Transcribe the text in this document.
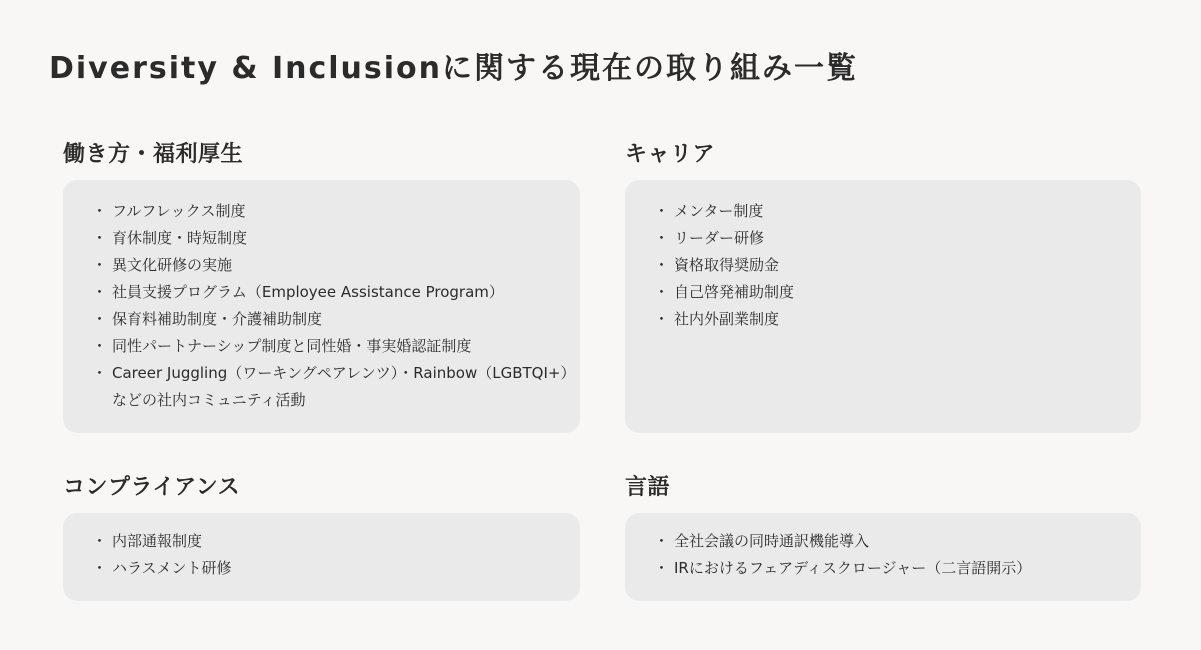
Diversity & Inclusionに関する現在の取り組み一覧
働き方・福利厚生
・ フルフレックス制度
・ 育休制度・時短制度
・ 異文化研修の実施
・ 社員支援プログラム（Employee Assistance Program）
・ 保育料補助制度・介護補助制度
・ 同性パートナーシップ制度と同性婚・事実婚認証制度
・ Career Juggling（ワーキングペアレンツ）・Rainbow（LGBTQI+）
などの社内コミュニティ活動
キャリア
・ メンター制度
・ リーダー研修
・ 資格取得奨励金
・ 自己啓発補助制度
・ 社内外副業制度
コンプライアンス
・ 内部通報制度
・ ハラスメント研修
言語
・ 全社会議の同時通訳機能導入
・ IRにおけるフェアディスクロージャー（二言語開示）
